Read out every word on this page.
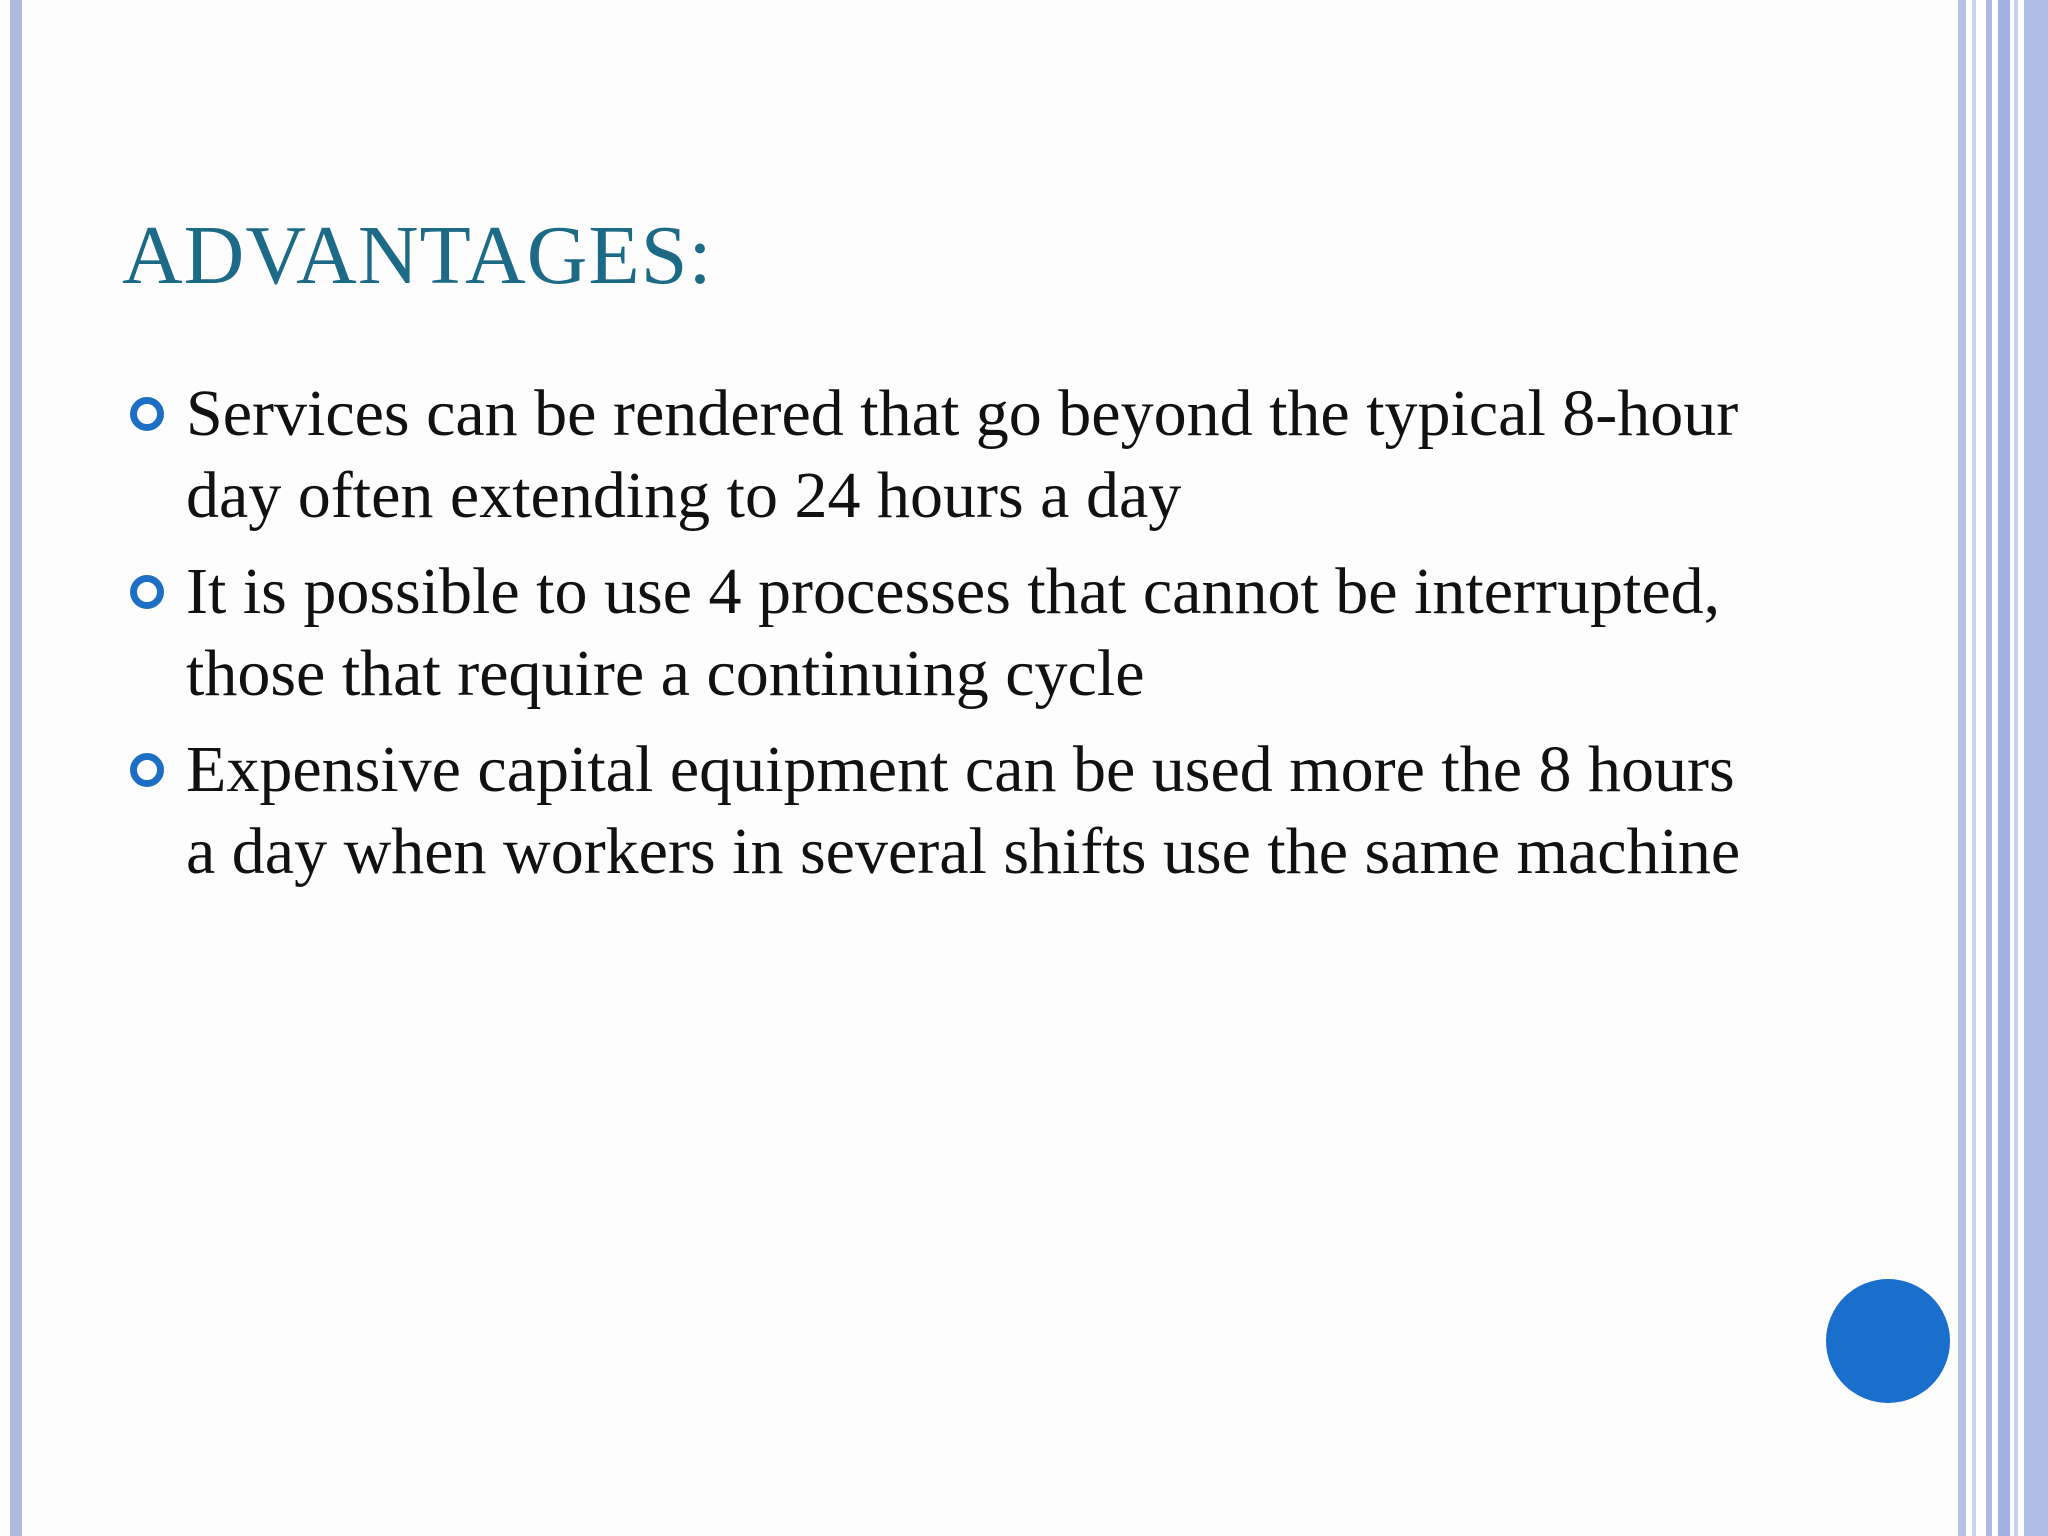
ADVANTAGES:
Services can be rendered that go beyond the typical 8-hour day often extending to 24 hours a day
It is possible to use 4 processes that cannot be interrupted, those that require a continuing cycle
Expensive capital equipment can be used more the 8 hours a day when workers in several shifts use the same machine
